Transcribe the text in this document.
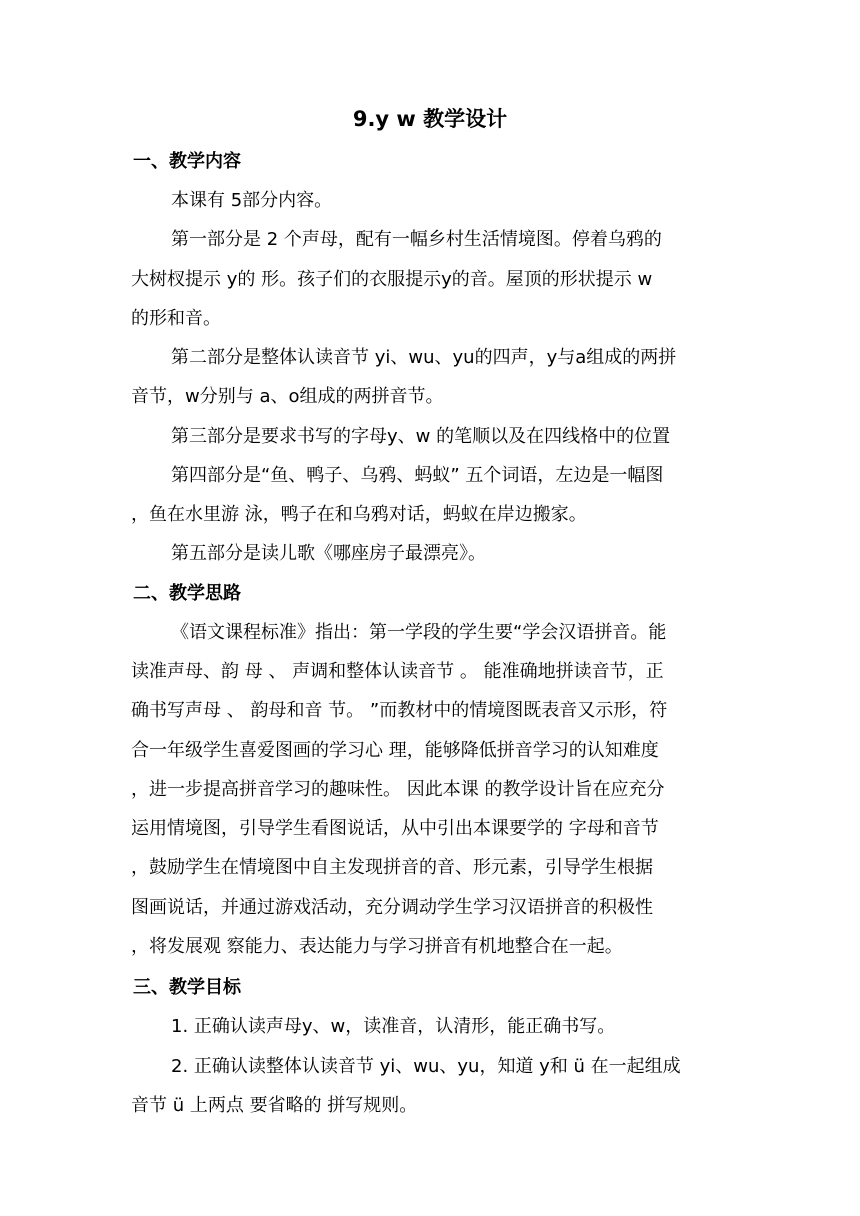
9.y w 教学设计
一、教学内容

本课有 5部分内容。

第一部分是 2 个声母，配有一幅乡村生活情境图。停着乌鸦的

大树杈提示 y的 形。孩子们的衣服提示y的音。屋顶的形状提示 w

的形和音。

第二部分是整体认读音节 yi、wu、yu的四声，y与a组成的两拼

音节，w分别与 a、o组成的两拼音节。

第三部分是要求书写的字母y、w 的笔顺以及在四线格中的位置

第四部分是“鱼、鸭子、乌鸦、蚂蚁” 五个词语，左边是一幅图

，鱼在水里游 泳，鸭子在和乌鸦对话，蚂蚁在岸边搬家。

第五部分是读儿歌《哪座房子最漂亮》。

二、教学思路

《语文课程标准》指出：第一学段的学生要“学会汉语拼音。能

读准声母、韵 母 、 声调和整体认读音节 。 能准确地拼读音节，正

确书写声母 、 韵母和音 节。 ”而教材中的情境图既表音又示形，符

合一年级学生喜爱图画的学习心 理，能够降低拼音学习的认知难度

，进一步提高拼音学习的趣味性。 因此本课 的教学设计旨在应充分

运用情境图，引导学生看图说话，从中引出本课要学的 字母和音节

，鼓励学生在情境图中自主发现拼音的音、形元素，引导学生根据

图画说话，并通过游戏活动，充分调动学生学习汉语拼音的积极性

，将发展观 察能力、表达能力与学习拼音有机地整合在一起。

三、教学目标

1. 正确认读声母y、w，读准音，认清形，能正确书写。

2. 正确认读整体认读音节 yi、wu、yu，知道 y和 ü 在一起组成

音节 ü 上两点 要省略的 拼写规则。
